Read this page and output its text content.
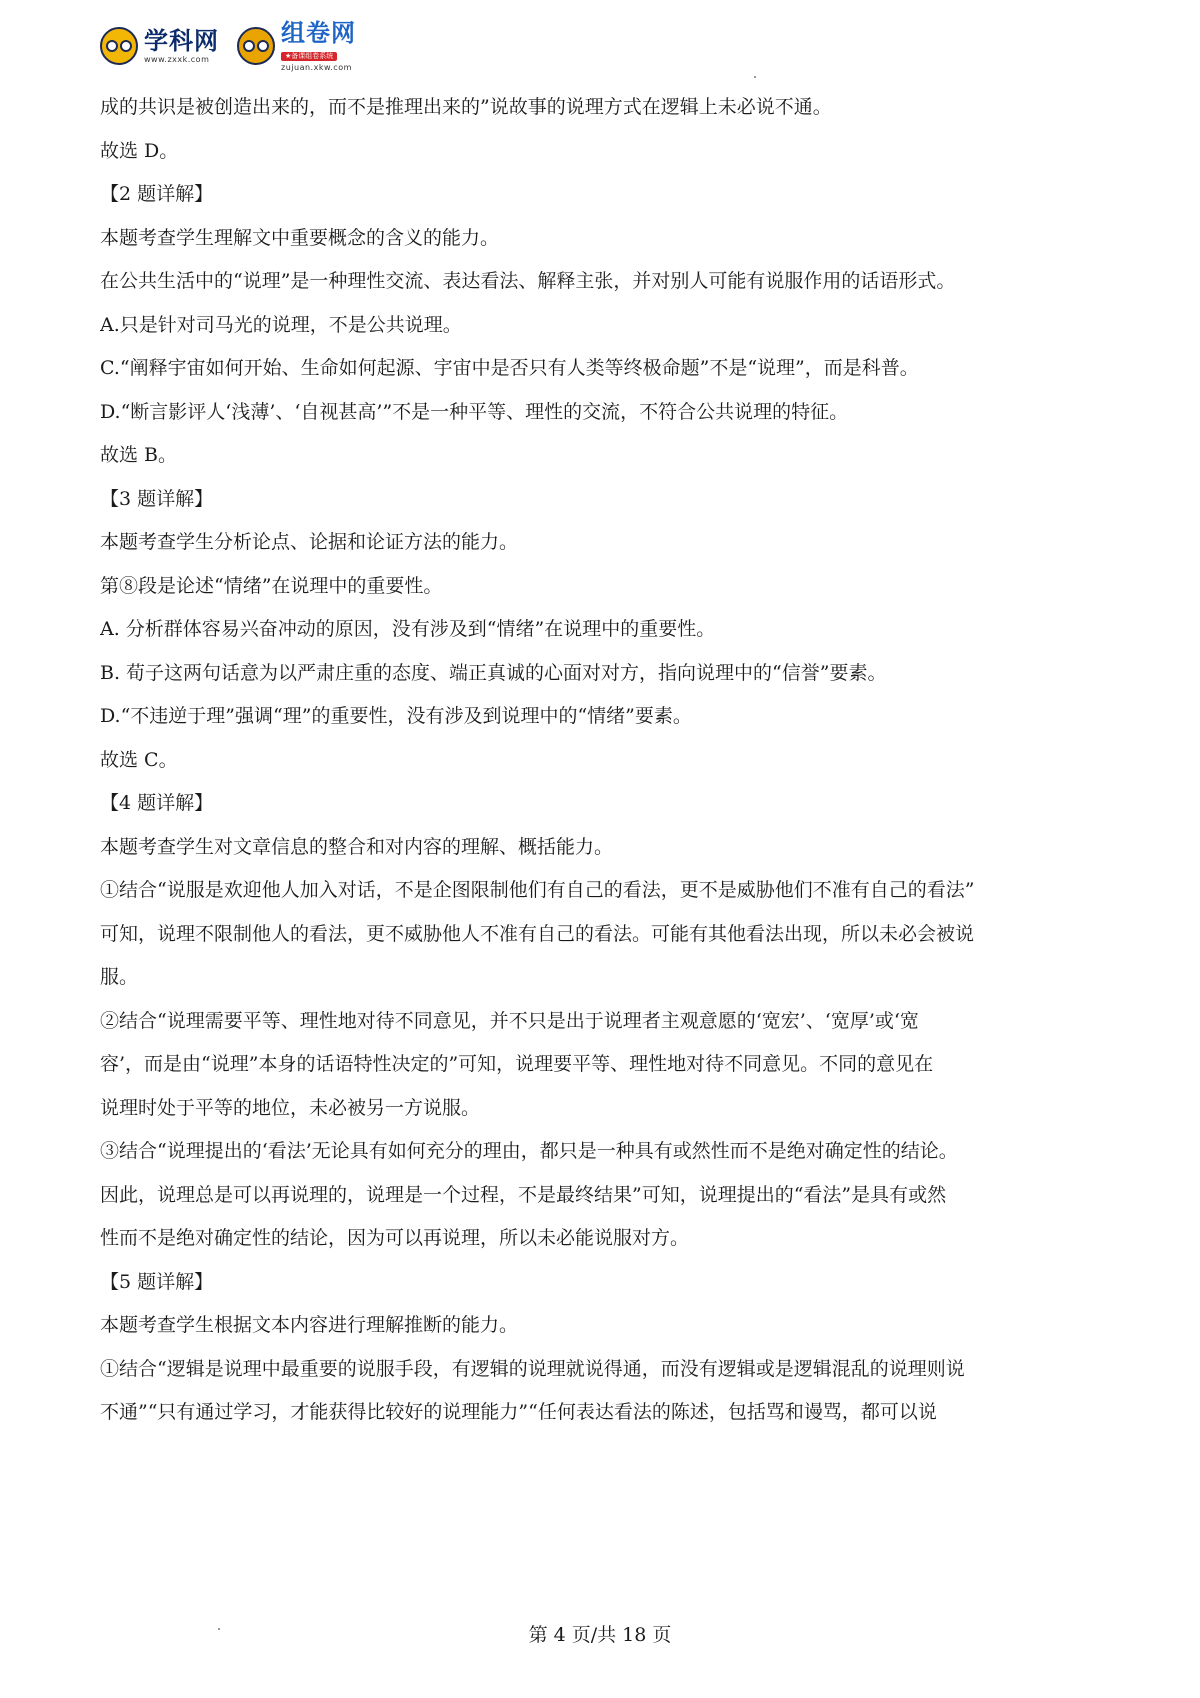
学科网
www.zxxk.com
组卷网
★备课组卷系统
zujuan.xkw.com
成的共识是被创造出来的，而不是推理出来的”说故事的说理方式在逻辑上未必说不通。
故选 D。
【2 题详解】
本题考查学生理解文中重要概念的含义的能力。
在公共生活中的“说理”是一种理性交流、表达看法、解释主张，并对别人可能有说服作用的话语形式。
A.只是针对司马光的说理，不是公共说理。
C.“阐释宇宙如何开始、生命如何起源、宇宙中是否只有人类等终极命题”不是“说理”，而是科普。
D.“断言影评人‘浅薄’、‘自视甚高’”不是一种平等、理性的交流，不符合公共说理的特征。
故选 B。
【3 题详解】
本题考查学生分析论点、论据和论证方法的能力。
第⑧段是论述“情绪”在说理中的重要性。
A. 分析群体容易兴奋冲动的原因，没有涉及到“情绪”在说理中的重要性。
B. 荀子这两句话意为以严肃庄重的态度、端正真诚的心面对对方，指向说理中的“信誉”要素。
D.“不违逆于理”强调“理”的重要性，没有涉及到说理中的“情绪”要素。
故选 C。
【4 题详解】
本题考查学生对文章信息的整合和对内容的理解、概括能力。
①结合“说服是欢迎他人加入对话，不是企图限制他们有自己的看法，更不是威胁他们不准有自己的看法”
可知，说理不限制他人的看法，更不威胁他人不准有自己的看法。可能有其他看法出现，所以未必会被说
服。
②结合“说理需要平等、理性地对待不同意见，并不只是出于说理者主观意愿的‘宽宏’、‘宽厚’或‘宽
容’，而是由“说理”本身的话语特性决定的”可知，说理要平等、理性地对待不同意见。不同的意见在
说理时处于平等的地位，未必被另一方说服。
③结合“说理提出的‘看法’无论具有如何充分的理由，都只是一种具有或然性而不是绝对确定性的结论。
因此，说理总是可以再说理的，说理是一个过程，不是最终结果”可知，说理提出的“看法”是具有或然
性而不是绝对确定性的结论，因为可以再说理，所以未必能说服对方。
【5 题详解】
本题考查学生根据文本内容进行理解推断的能力。
①结合“逻辑是说理中最重要的说服手段，有逻辑的说理就说得通，而没有逻辑或是逻辑混乱的说理则说
不通”“只有通过学习，才能获得比较好的说理能力”“任何表达看法的陈述，包括骂和谩骂，都可以说
第 4 页/共 18 页
